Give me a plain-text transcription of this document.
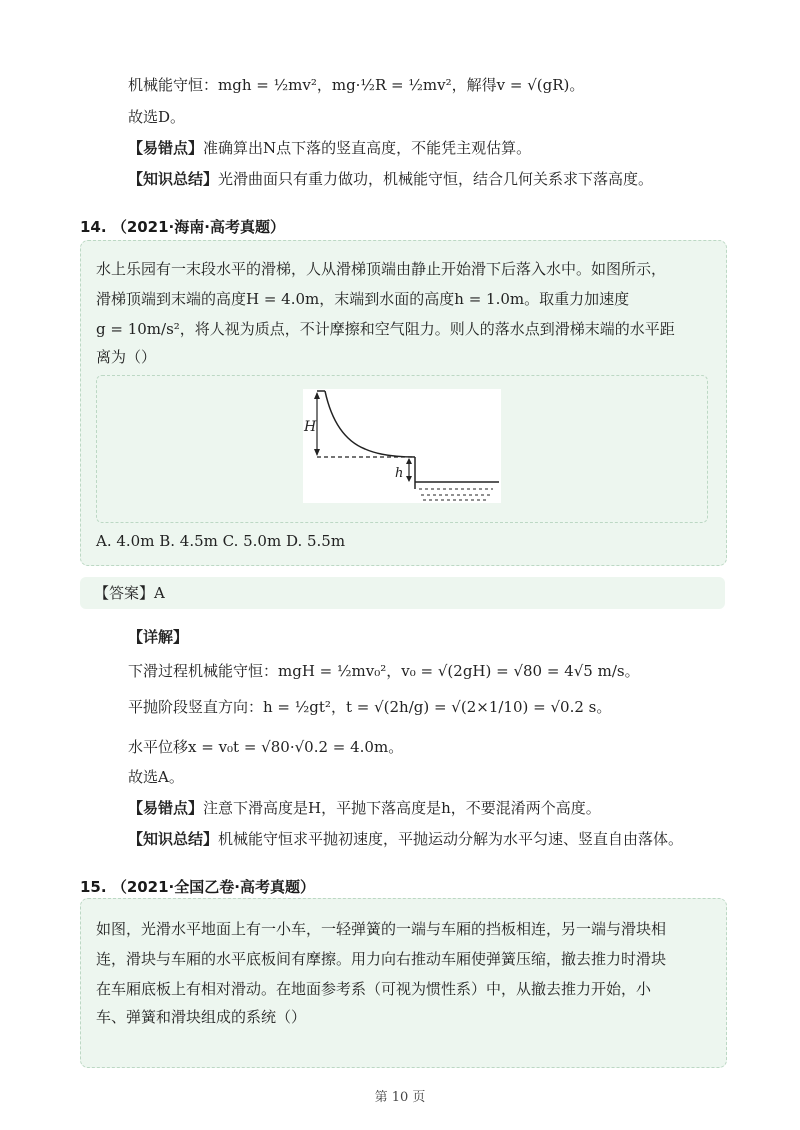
机械能守恒：mgh = ½mv²，mg·½R = ½mv²，解得v = √(gR)。
故选D。
【易错点】准确算出N点下落的竖直高度，不能凭主观估算。
【知识总结】光滑曲面只有重力做功，机械能守恒，结合几何关系求下落高度。
14. （2021·海南·高考真题）
水上乐园有一末段水平的滑梯，人从滑梯顶端由静止开始滑下后落入水中。如图所示，
滑梯顶端到末端的高度H = 4.0m，末端到水面的高度h = 1.0m。取重力加速度
g = 10m/s²，将人视为质点，不计摩擦和空气阻力。则人的落水点到滑梯末端的水平距
离为（）
H
h
A. 4.0m B. 4.5m C. 5.0m D. 5.5m
【答案】A
【详解】
下滑过程机械能守恒：mgH = ½mv₀²，v₀ = √(2gH) = √80 = 4√5 m/s。
平抛阶段竖直方向：h = ½gt²，t = √(2h/g) = √(2×1/10) = √0.2 s。
水平位移x = v₀t = √80·√0.2 = 4.0m。
故选A。
【易错点】注意下滑高度是H，平抛下落高度是h，不要混淆两个高度。
【知识总结】机械能守恒求平抛初速度，平抛运动分解为水平匀速、竖直自由落体。
15. （2021·全国乙卷·高考真题）
如图，光滑水平地面上有一小车，一轻弹簧的一端与车厢的挡板相连，另一端与滑块相
连，滑块与车厢的水平底板间有摩擦。用力向右推动车厢使弹簧压缩，撤去推力时滑块
在车厢底板上有相对滑动。在地面参考系（可视为惯性系）中，从撤去推力开始，小
车、弹簧和滑块组成的系统（）
第 10 页
